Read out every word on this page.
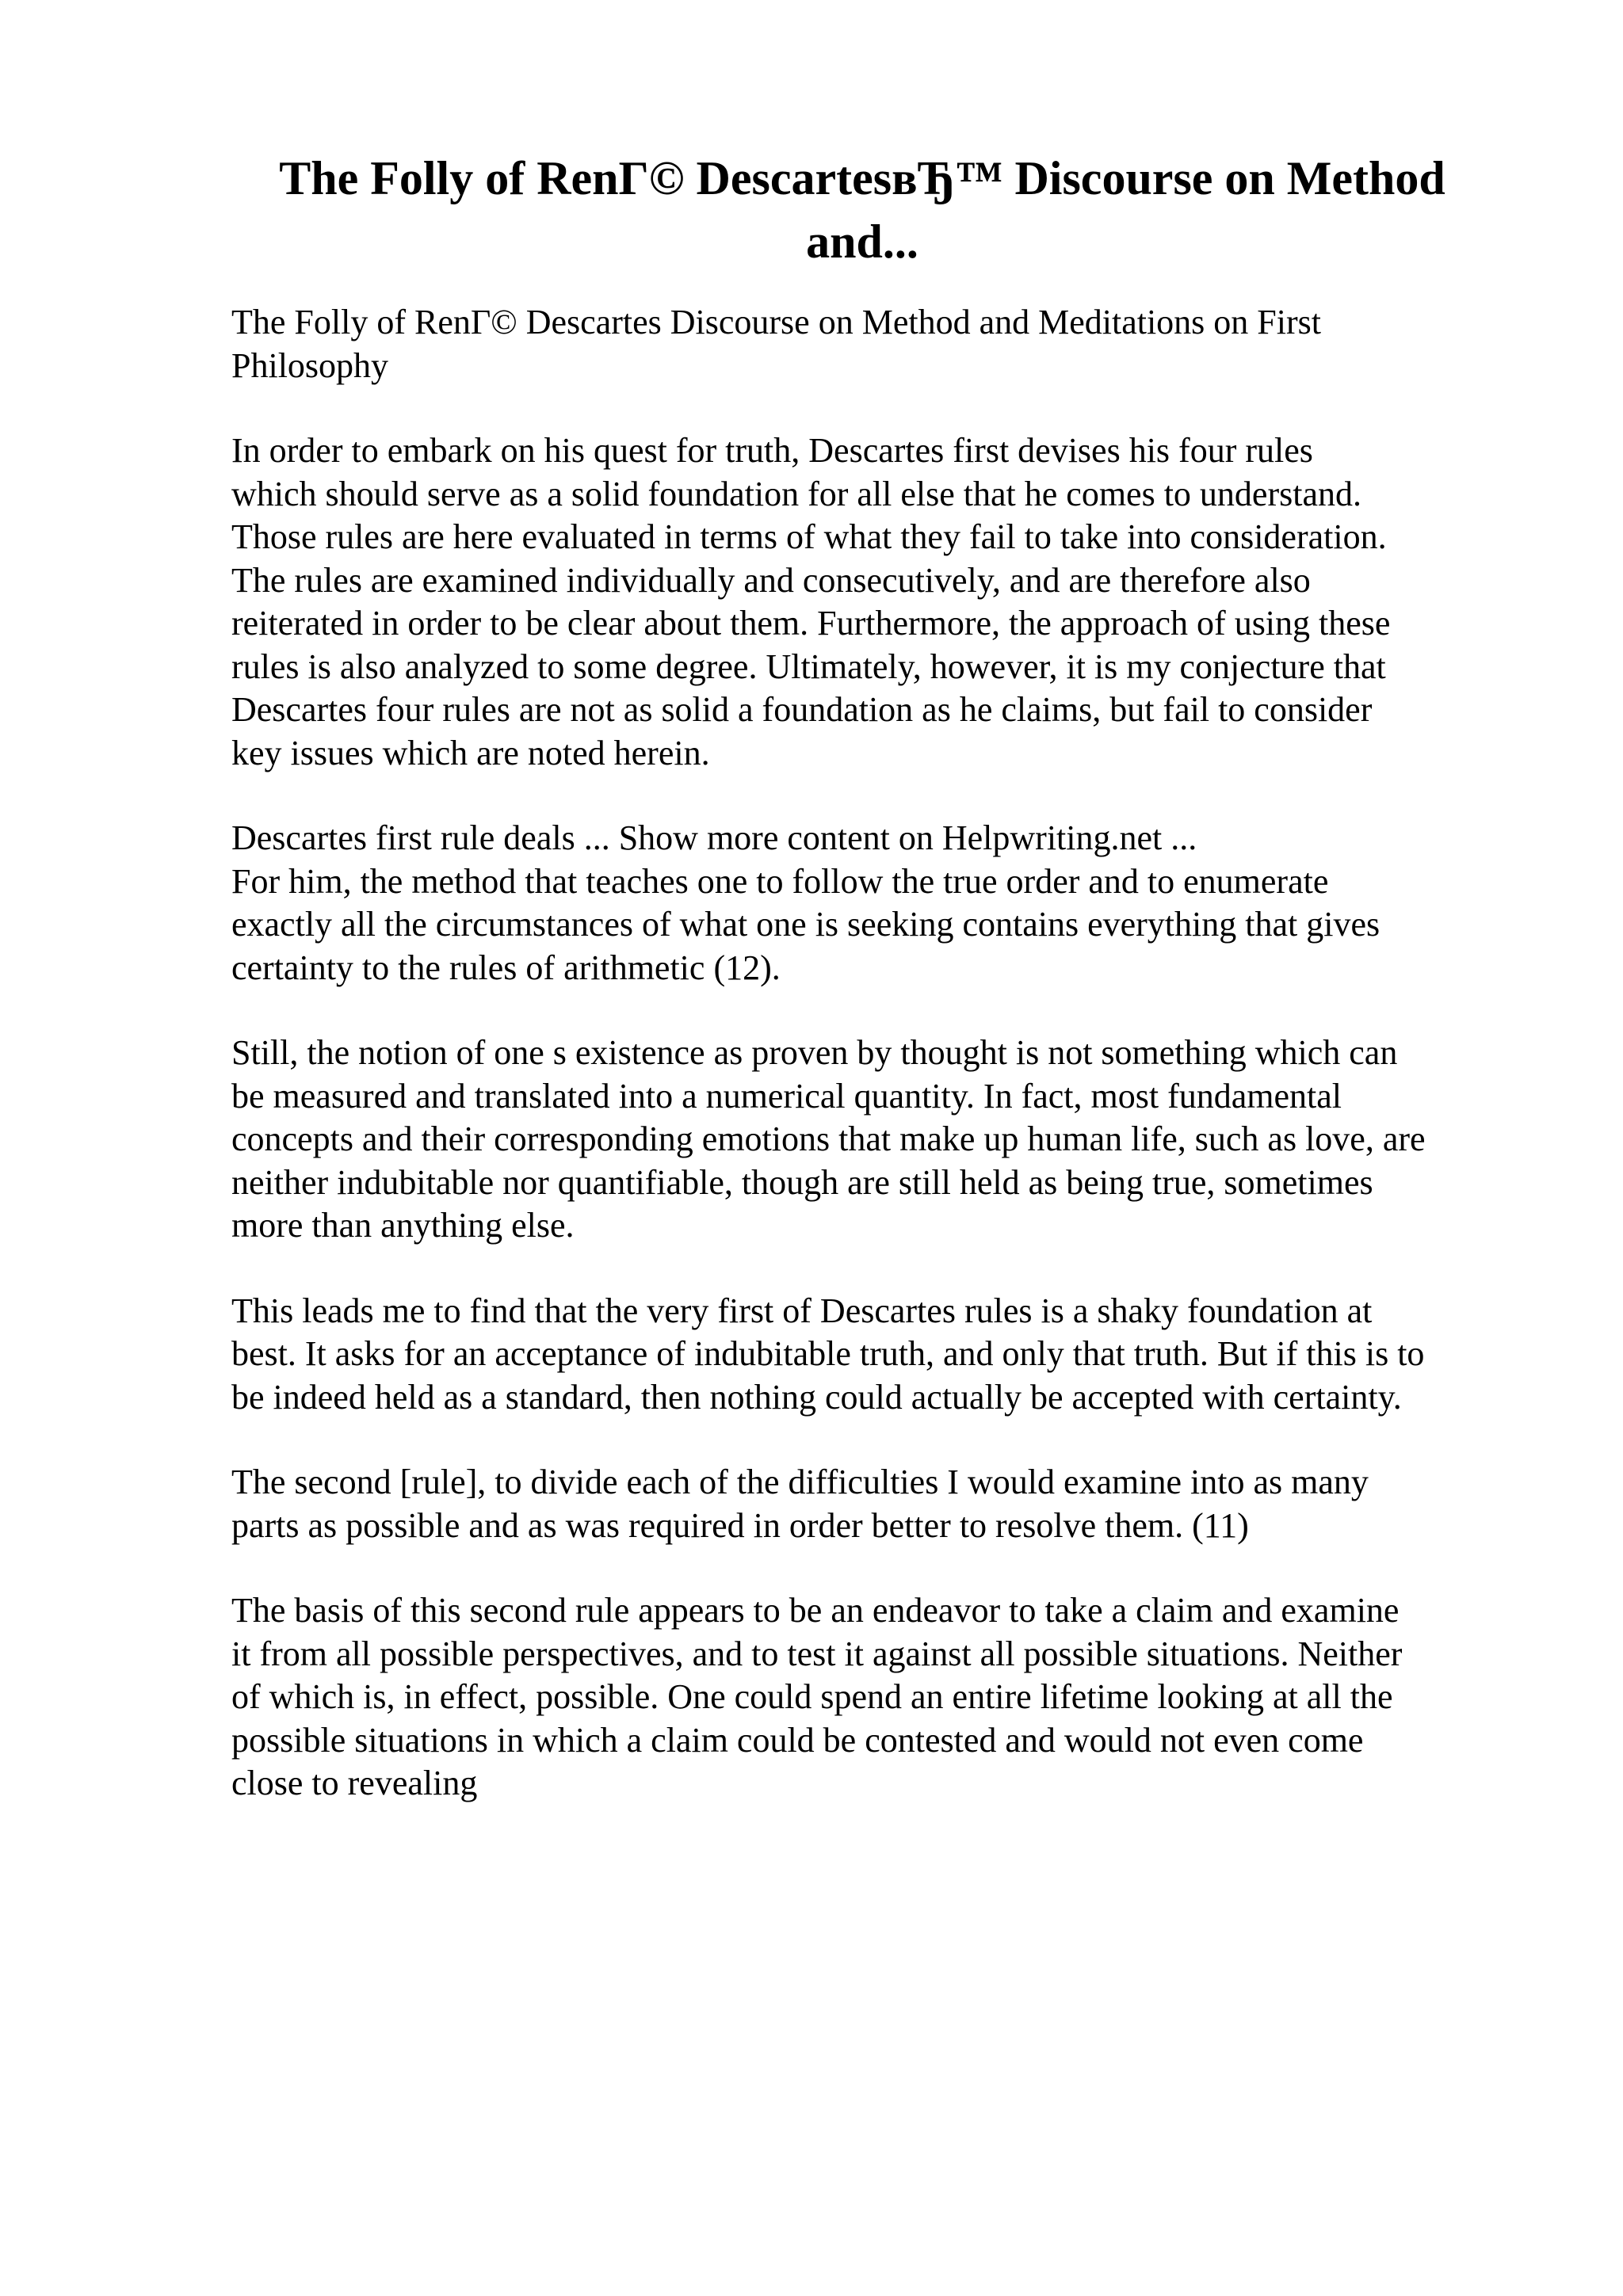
The Folly of RenГ© DescartesвЂ™ Discourse on Method
and...

The Folly of RenГ© Descartes Discourse on Method and Meditations on First
Philosophy

In order to embark on his quest for truth, Descartes first devises his four rules
which should serve as a solid foundation for all else that he comes to understand.
Those rules are here evaluated in terms of what they fail to take into consideration.
The rules are examined individually and consecutively, and are therefore also
reiterated in order to be clear about them. Furthermore, the approach of using these
rules is also analyzed to some degree. Ultimately, however, it is my conjecture that
Descartes four rules are not as solid a foundation as he claims, but fail to consider
key issues which are noted herein.

Descartes first rule deals ... Show more content on Helpwriting.net ...

For him, the method that teaches one to follow the true order and to enumerate
exactly all the circumstances of what one is seeking contains everything that gives
certainty to the rules of arithmetic (12).

Still, the notion of one s existence as proven by thought is not something which can
be measured and translated into a numerical quantity. In fact, most fundamental
concepts and their corresponding emotions that make up human life, such as love, are
neither indubitable nor quantifiable, though are still held as being true, sometimes
more than anything else.

This leads me to find that the very first of Descartes rules is a shaky foundation at
best. It asks for an acceptance of indubitable truth, and only that truth. But if this is to
be indeed held as a standard, then nothing could actually be accepted with certainty.

The second [rule], to divide each of the difficulties I would examine into as many
parts as possible and as was required in order better to resolve them. (11)

The basis of this second rule appears to be an endeavor to take a claim and examine
it from all possible perspectives, and to test it against all possible situations. Neither
of which is, in effect, possible. One could spend an entire lifetime looking at all the
possible situations in which a claim could be contested and would not even come
close to revealing
